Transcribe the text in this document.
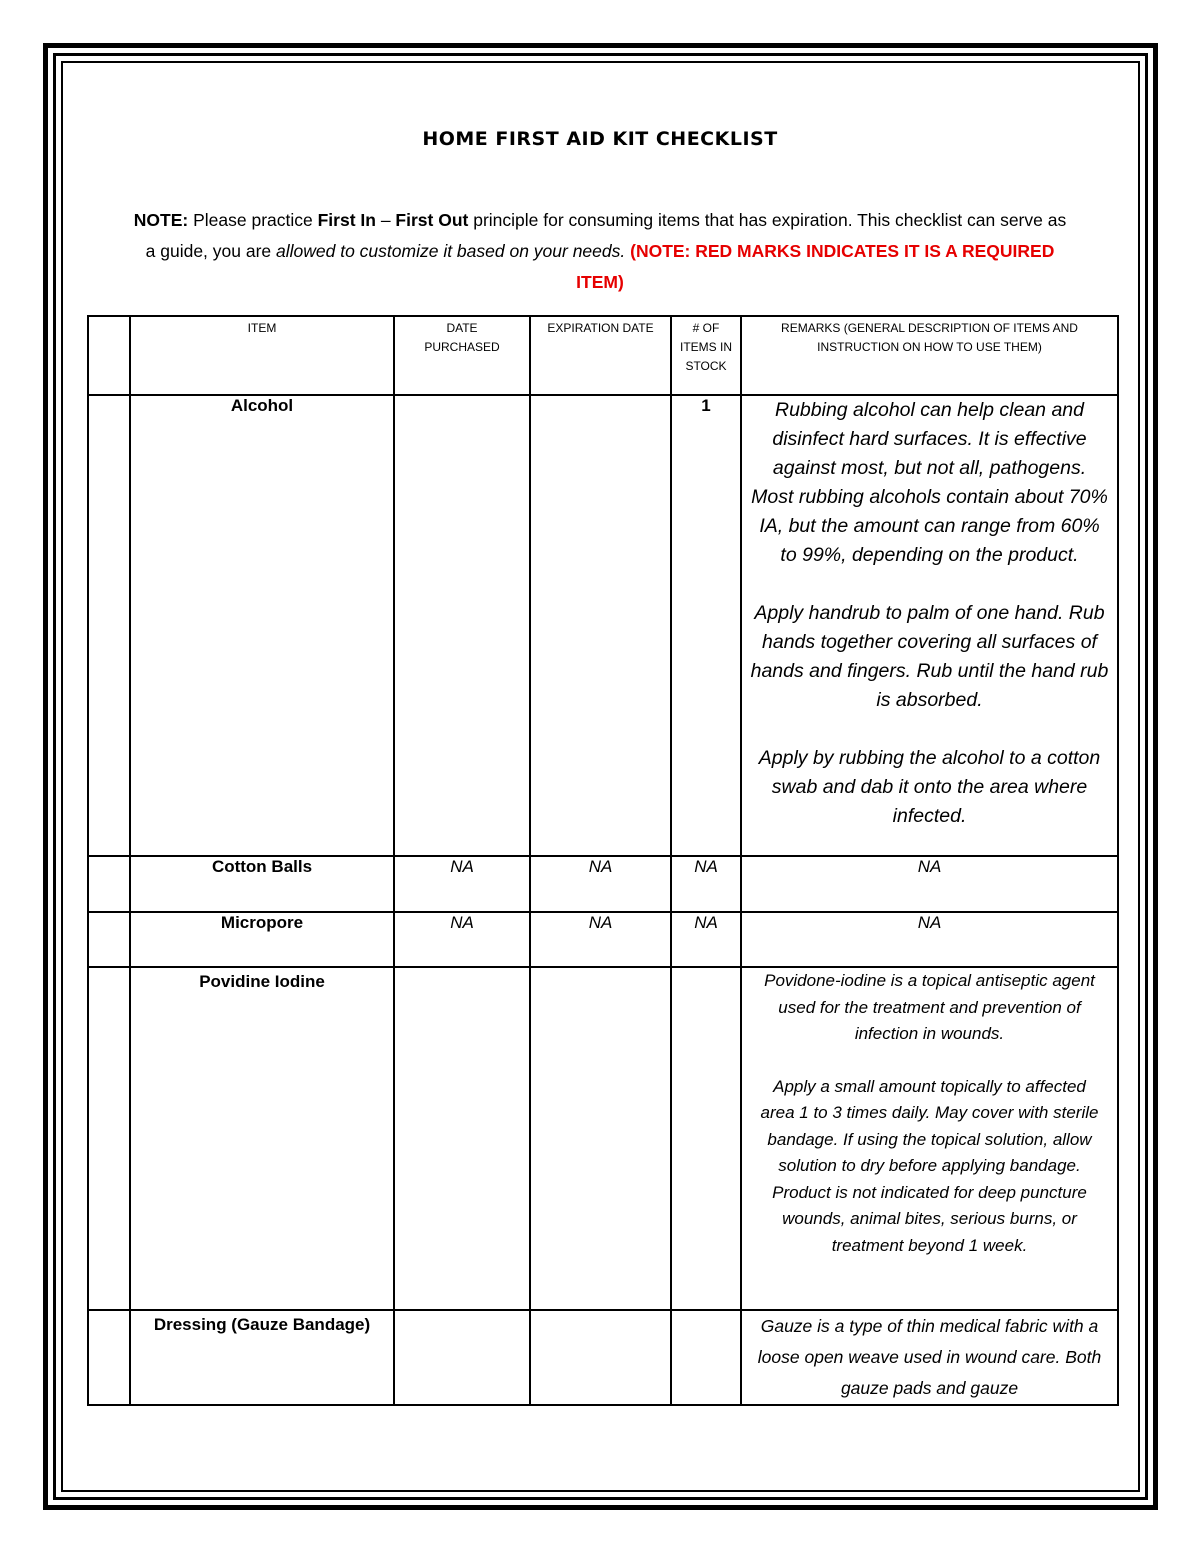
HOME FIRST AID KIT CHECKLIST
NOTE: Please practice First In – First Out principle for consuming items that has expiration. This checklist can serve as a guide, you are allowed to customize it based on your needs. (NOTE: RED MARKS INDICATES IT IS A REQUIRED ITEM)
	ITEM	DATE PURCHASED	EXPIRATION DATE	# OF ITEMS IN STOCK	REMARKS (GENERAL DESCRIPTION OF ITEMS AND INSTRUCTION ON HOW TO USE THEM)
	Alcohol			1	Rubbing alcohol can help clean and disinfect hard surfaces. It is effective against most, but not all, pathogens. Most rubbing alcohols contain about 70% IA, but the amount can range from 60% to 99%, depending on the product.

Apply handrub to palm of one hand. Rub hands together covering all surfaces of hands and fingers. Rub until the hand rub is absorbed.

Apply by rubbing the alcohol to a cotton swab and dab it onto the area where infected.

	Cotton Balls	NA	NA	NA	NA
	Micropore	NA	NA	NA	NA
	Povidine Iodine				Povidone-iodine is a topical antiseptic agent used for the treatment and prevention of infection in wounds.

Apply a small amount topically to affected area 1 to 3 times daily. May cover with sterile bandage. If using the topical solution, allow solution to dry before applying bandage. Product is not indicated for deep puncture wounds, animal bites, serious burns, or treatment beyond 1 week.

	Dressing (Gauze Bandage)				Gauze is a type of thin medical fabric with a loose open weave used in wound care. Both gauze pads and gauze
